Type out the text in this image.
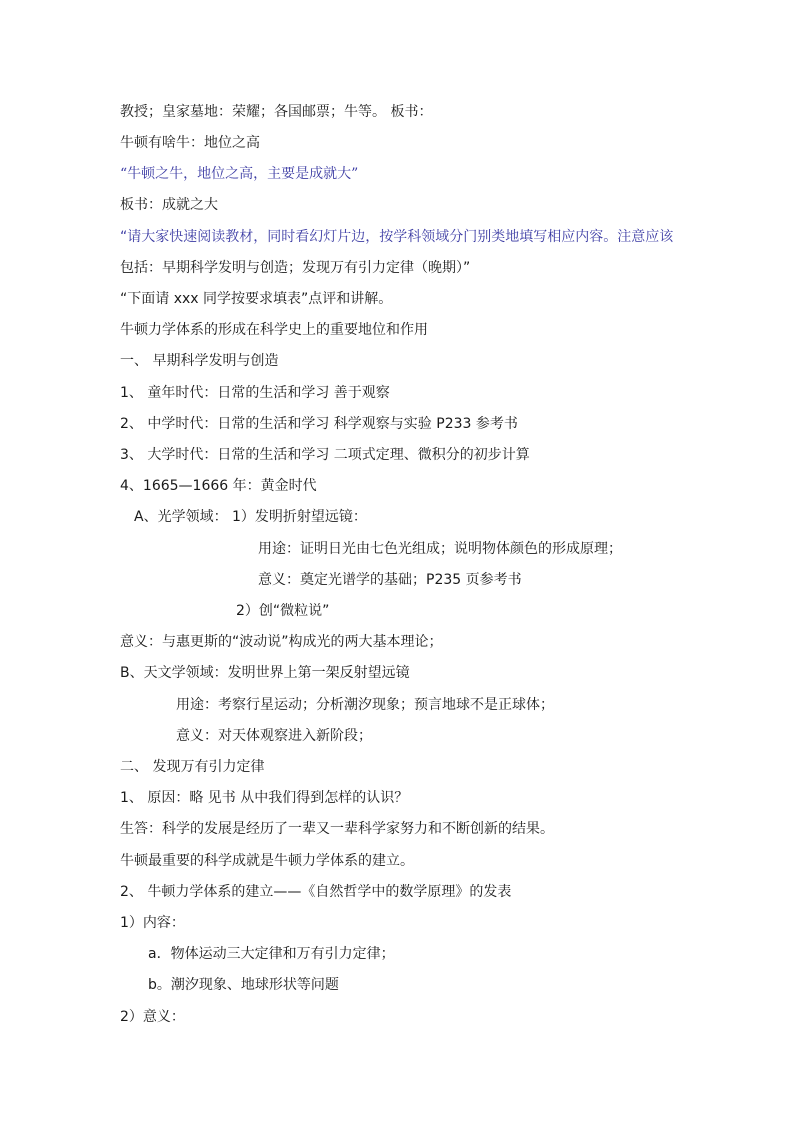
教授；皇家墓地：荣耀；各国邮票；牛等。 板书：
牛顿有啥牛：地位之高
“牛顿之牛，地位之高，主要是成就大”
板书：成就之大
“请大家快速阅读教材，同时看幻灯片边，按学科领域分门别类地填写相应内容。注意应该
包括：早期科学发明与创造；发现万有引力定律（晚期）”
“下面请 xxx 同学按要求填表”点评和讲解。
牛顿力学体系的形成在科学史上的重要地位和作用
一、 早期科学发明与创造
1、 童年时代：日常的生活和学习 善于观察
2、 中学时代：日常的生活和学习 科学观察与实验 P233 参考书
3、 大学时代：日常的生活和学习 二项式定理、微积分的初步计算
4、1665—1666 年：黄金时代
A、光学领域： 1）发明折射望远镜：
用途：证明日光由七色光组成；说明物体颜色的形成原理；
意义：奠定光谱学的基础；P235 页参考书
2）创“微粒说”
意义：与惠更斯的“波动说”构成光的两大基本理论；
B、天文学领域：发明世界上第一架反射望远镜
用途：考察行星运动；分析潮汐现象；预言地球不是正球体；
意义：对天体观察进入新阶段；
二、 发现万有引力定律
1、 原因：略 见书 从中我们得到怎样的认识？
生答：科学的发展是经历了一辈又一辈科学家努力和不断创新的结果。
牛顿最重要的科学成就是牛顿力学体系的建立。
2、 牛顿力学体系的建立——《自然哲学中的数学原理》的发表
1）内容：
a．物体运动三大定律和万有引力定律；
b。潮汐现象、地球形状等问题
2）意义：
